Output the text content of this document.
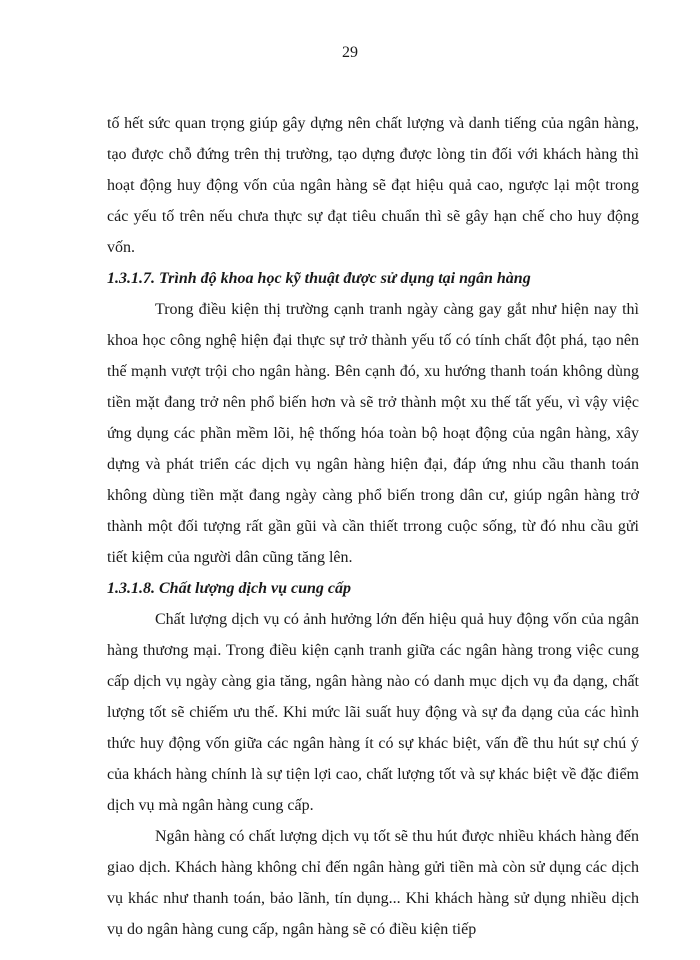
29

tố hết sức quan trọng giúp gây dựng nên chất lượng và danh tiếng của ngân hàng, tạo được chỗ đứng trên thị trường, tạo dựng được lòng tin đối với khách hàng thì hoạt động huy động vốn của ngân hàng sẽ đạt hiệu quả cao, ngược lại một trong các yếu tố trên nếu chưa thực sự đạt tiêu chuẩn thì sẽ gây hạn chế cho huy động vốn.

1.3.1.7. Trình độ khoa học kỹ thuật được sử dụng tại ngân hàng

Trong điều kiện thị trường cạnh tranh ngày càng gay gắt như hiện nay thì khoa học công nghệ hiện đại thực sự trở thành yếu tố có tính chất đột phá, tạo nên thế mạnh vượt trội cho ngân hàng. Bên cạnh đó, xu hướng thanh toán không dùng tiền mặt đang trở nên phổ biến hơn và sẽ trở thành một xu thế tất yếu, vì vậy việc ứng dụng các phần mềm lõi, hệ thống hóa toàn bộ hoạt động của ngân hàng, xây dựng và phát triển các dịch vụ ngân hàng hiện đại, đáp ứng nhu cầu thanh toán không dùng tiền mặt đang ngày càng phổ biến trong dân cư, giúp ngân hàng trở thành một đối tượng rất gần gũi và cần thiết trrong cuộc sống, từ đó nhu cầu gửi tiết kiệm của người dân cũng tăng lên.

1.3.1.8. Chất lượng dịch vụ cung cấp

Chất lượng dịch vụ có ảnh hưởng lớn đến hiệu quả huy động vốn của ngân hàng thương mại. Trong điều kiện cạnh tranh giữa các ngân hàng trong việc cung cấp dịch vụ ngày càng gia tăng, ngân hàng nào có danh mục dịch vụ đa dạng, chất lượng tốt sẽ chiếm ưu thế. Khi mức lãi suất huy động và sự đa dạng của các hình thức huy động vốn giữa các ngân hàng ít có sự khác biệt, vấn đề thu hút sự chú ý của khách hàng chính là sự tiện lợi cao, chất lượng tốt và sự khác biệt về đặc điểm dịch vụ mà ngân hàng cung cấp.

Ngân hàng có chất lượng dịch vụ tốt sẽ thu hút được nhiều khách hàng đến giao dịch. Khách hàng không chỉ đến ngân hàng gửi tiền mà còn sử dụng các dịch vụ khác như thanh toán, bảo lãnh, tín dụng... Khi khách hàng sử dụng nhiều dịch vụ do ngân hàng cung cấp, ngân hàng sẽ có điều kiện tiếp
